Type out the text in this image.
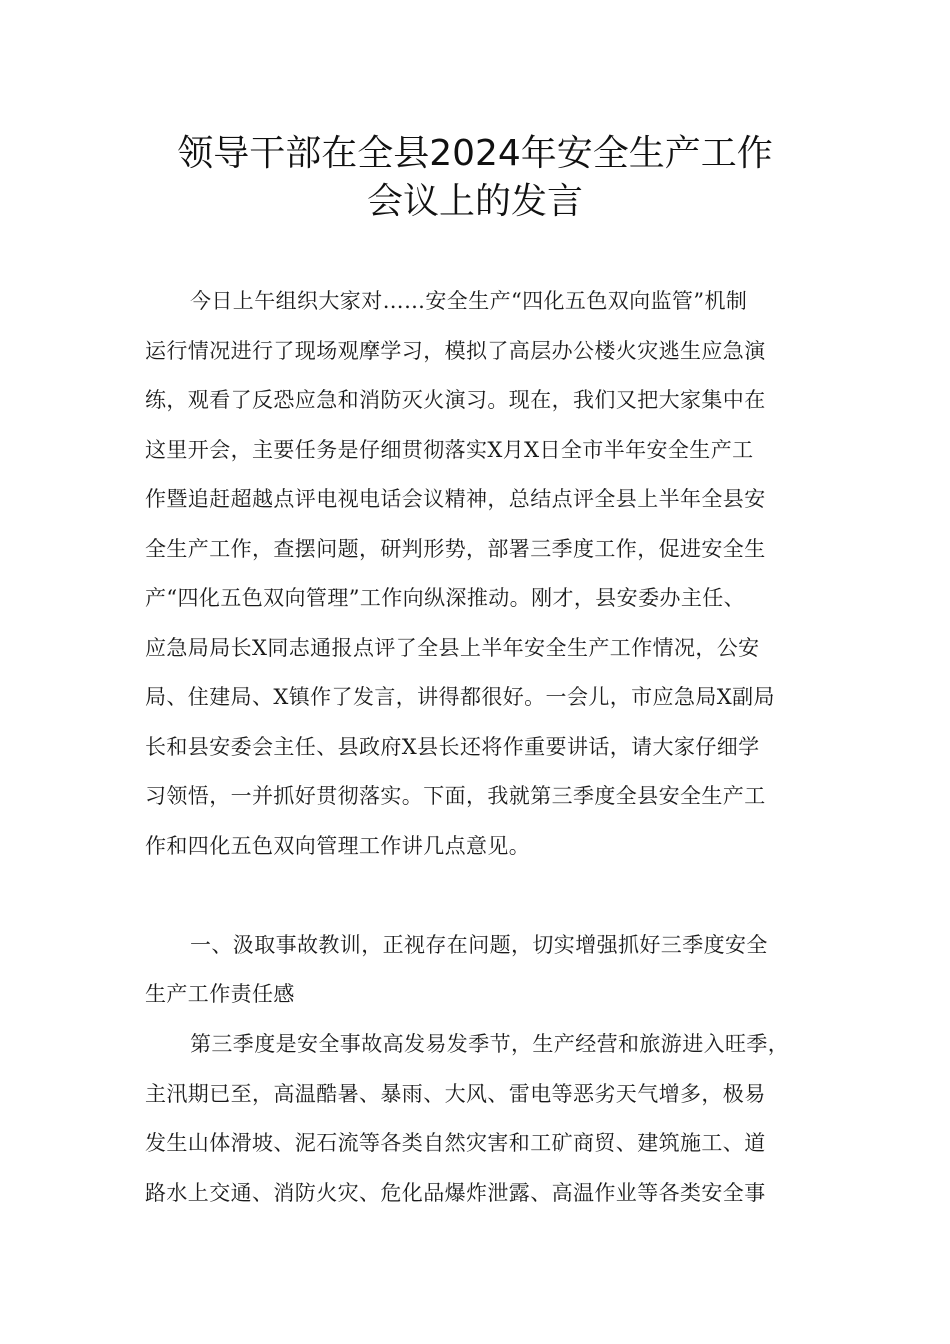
领导干部在全县2024年安全生产工作
会议上的发言
今日上午组织大家对……安全生产“四化五色双向监管”机制
运行情况进行了现场观摩学习，模拟了高层办公楼火灾逃生应急演
练，观看了反恐应急和消防灭火演习。现在，我们又把大家集中在
这里开会，主要任务是仔细贯彻落实X月X日全市半年安全生产工
作暨追赶超越点评电视电话会议精神，总结点评全县上半年全县安
全生产工作，查摆问题，研判形势，部署三季度工作，促进安全生
产“四化五色双向管理”工作向纵深推动。刚才，县安委办主任、
应急局局长X同志通报点评了全县上半年安全生产工作情况，公安
局、住建局、X镇作了发言，讲得都很好。一会儿，市应急局X副局
长和县安委会主任、县政府X县长还将作重要讲话，请大家仔细学
习领悟，一并抓好贯彻落实。下面，我就第三季度全县安全生产工
作和四化五色双向管理工作讲几点意见。
一、汲取事故教训，正视存在问题，切实增强抓好三季度安全
生产工作责任感
第三季度是安全事故高发易发季节，生产经营和旅游进入旺季，
主汛期已至，高温酷暑、暴雨、大风、雷电等恶劣天气增多，极易
发生山体滑坡、泥石流等各类自然灾害和工矿商贸、建筑施工、道
路水上交通、消防火灾、危化品爆炸泄露、高温作业等各类安全事
